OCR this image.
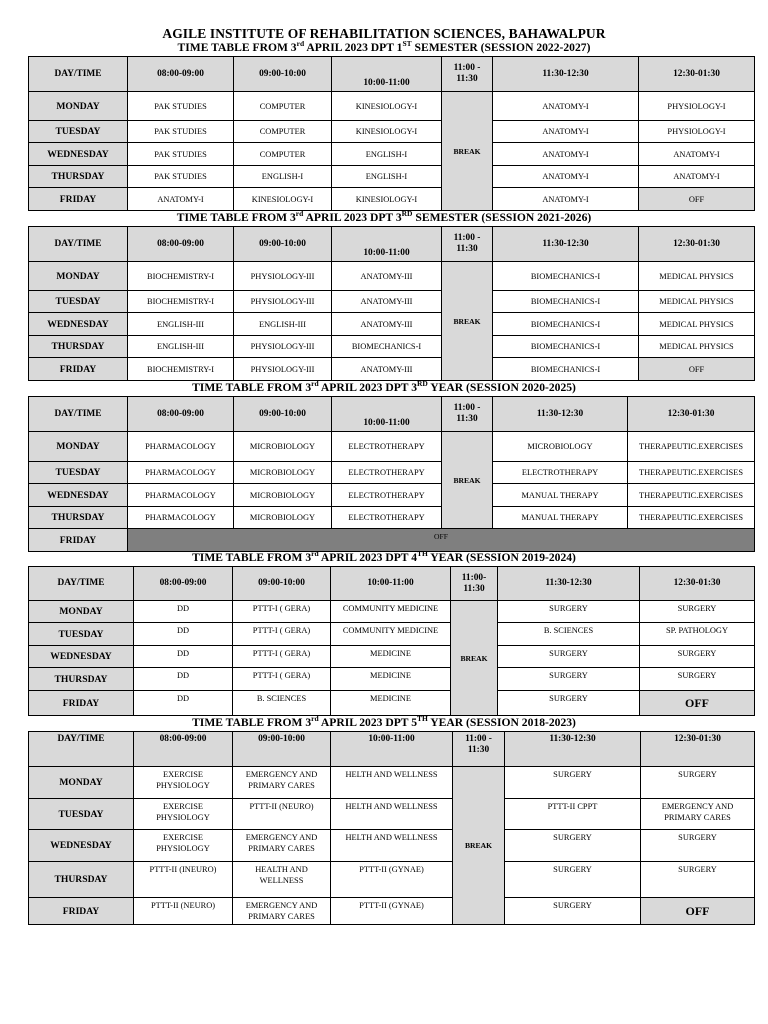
AGILE INSTITUTE OF REHABILITATION SCIENCES, BAHAWALPUR
TIME TABLE FROM 3rd APRIL 2023 DPT 1ST SEMESTER (SESSION 2022-2027)
DAY/TIME	08:00-09:00	09:00-10:00	10:00-11:00	11:00 -
11:30	11:30-12:30	12:30-01:30
MONDAY	PAK STUDIES	COMPUTER	KINESIOLOGY-I	BREAK	ANATOMY-I	PHYSIOLOGY-I
TUESDAY	PAK STUDIES	COMPUTER	KINESIOLOGY-I		ANATOMY-I	PHYSIOLOGY-I
WEDNESDAY	PAK STUDIES	COMPUTER	ENGLISH-I		ANATOMY-I	ANATOMY-I
THURSDAY	PAK STUDIES	ENGLISH-I	ENGLISH-I		ANATOMY-I	ANATOMY-I
FRIDAY	ANATOMY-I	KINESIOLOGY-I	KINESIOLOGY-I		ANATOMY-I	OFF
TIME TABLE FROM 3rd APRIL 2023 DPT 3RD SEMESTER (SESSION 2021-2026)
DAY/TIME	08:00-09:00	09:00-10:00	10:00-11:00	11:00 -
11:30	11:30-12:30	12:30-01:30
MONDAY	BIOCHEMISTRY-I	PHYSIOLOGY-III	ANATOMY-III	BREAK	BIOMECHANICS-I	MEDICAL PHYSICS
TUESDAY	BIOCHEMISTRY-I	PHYSIOLOGY-III	ANATOMY-III		BIOMECHANICS-I	MEDICAL PHYSICS
WEDNESDAY	ENGLISH-III	ENGLISH-III	ANATOMY-III		BIOMECHANICS-I	MEDICAL PHYSICS
THURSDAY	ENGLISH-III	PHYSIOLOGY-III	BIOMECHANICS-I		BIOMECHANICS-I	MEDICAL PHYSICS
FRIDAY	BIOCHEMISTRY-I	PHYSIOLOGY-III	ANATOMY-III		BIOMECHANICS-I	OFF
TIME TABLE FROM 3rd APRIL 2023 DPT 3RD YEAR (SESSION 2020-2025)
DAY/TIME	08:00-09:00	09:00-10:00	10:00-11:00	11:00 -
11:30	11:30-12:30	12:30-01:30
MONDAY	PHARMACOLOGY	MICROBIOLOGY	ELECTROTHERAPY	BREAK	MICROBIOLOGY	THERAPEUTIC.EXERCISES
TUESDAY	PHARMACOLOGY	MICROBIOLOGY	ELECTROTHERAPY		ELECTROTHERAPY	THERAPEUTIC.EXERCISES
WEDNESDAY	PHARMACOLOGY	MICROBIOLOGY	ELECTROTHERAPY		MANUAL THERAPY	THERAPEUTIC.EXERCISES
THURSDAY	PHARMACOLOGY	MICROBIOLOGY	ELECTROTHERAPY		MANUAL THERAPY	THERAPEUTIC.EXERCISES
FRIDAY	OFF					
TIME TABLE FROM 3rd APRIL 2023 DPT 4TH YEAR (SESSION 2019-2024)
DAY/TIME	08:00-09:00	09:00-10:00	10:00-11:00	11:00-
11:30	11:30-12:30	12:30-01:30
MONDAY	DD	PTTT-I ( GERA)	COMMUNITY MEDICINE	BREAK	SURGERY	SURGERY
TUESDAY	DD	PTTT-I ( GERA)	COMMUNITY MEDICINE		B. SCIENCES	SP. PATHOLOGY
WEDNESDAY	DD	PTTT-I ( GERA)	MEDICINE		SURGERY	SURGERY
THURSDAY	DD	PTTT-I ( GERA)	MEDICINE		SURGERY	SURGERY
FRIDAY	DD	B. SCIENCES	MEDICINE		SURGERY	OFF
TIME TABLE FROM 3rd APRIL 2023 DPT 5TH YEAR (SESSION 2018-2023)
DAY/TIME	08:00-09:00	09:00-10:00	10:00-11:00	11:00 -
11:30	11:30-12:30	12:30-01:30
MONDAY	EXERCISE PHYSIOLOGY	EMERGENCY AND PRIMARY CARES	HELTH AND WELLNESS	BREAK	SURGERY	SURGERY
TUESDAY	EXERCISE PHYSIOLOGY	PTTT-II (NEURO)	HELTH AND WELLNESS		PTTT-II CPPT	EMERGENCY AND PRIMARY CARES
WEDNESDAY	EXERCISE PHYSIOLOGY	EMERGENCY AND PRIMARY CARES	HELTH AND WELLNESS		SURGERY	SURGERY
THURSDAY	PTTT-II (INEURO)	HEALTH AND WELLNESS	PTTT-II (GYNAE)		SURGERY	SURGERY
FRIDAY	PTTT-II (NEURO)	EMERGENCY AND PRIMARY CARES	PTTT-II (GYNAE)		SURGERY	OFF
